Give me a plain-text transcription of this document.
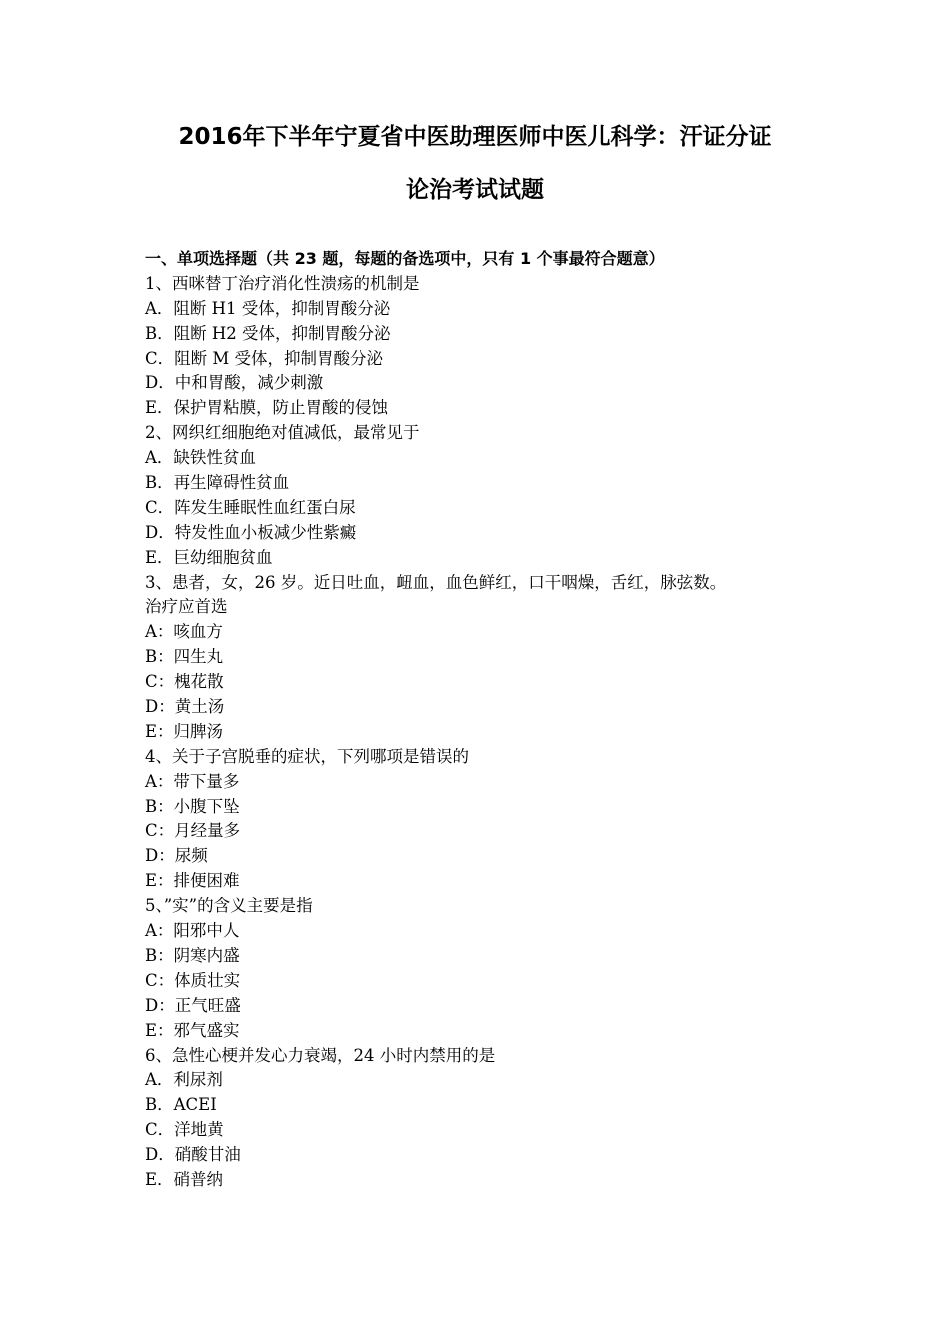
2016年下半年宁夏省中医助理医师中医儿科学：汗证分证
论治考试试题
一、单项选择题（共 23 题，每题的备选项中，只有 1 个事最符合题意）
1、西咪替丁治疗消化性溃疡的机制是
A．阻断 H1 受体，抑制胃酸分泌
B．阻断 H2 受体，抑制胃酸分泌
C．阻断 M 受体，抑制胃酸分泌
D．中和胃酸，减少刺激
E．保护胃粘膜，防止胃酸的侵蚀
2、网织红细胞绝对值减低，最常见于
A．缺铁性贫血
B．再生障碍性贫血
C．阵发生睡眠性血红蛋白尿
D．特发性血小板减少性紫癜
E．巨幼细胞贫血
3、患者，女，26 岁。近日吐血，衄血，血色鲜红，口干咽燥，舌红，脉弦数。
治疗应首选
A：咳血方
B：四生丸
C：槐花散
D：黄土汤
E：归脾汤
4、关于子宫脱垂的症状，下列哪项是错误的
A：带下量多
B：小腹下坠
C：月经量多
D：尿频
E：排便困难
5、”实”的含义主要是指
A：阳邪中人
B：阴寒内盛
C：体质壮实
D：正气旺盛
E：邪气盛实
6、急性心梗并发心力衰竭，24 小时内禁用的是
A．利尿剂
B．ACEI
C．洋地黄
D．硝酸甘油
E．硝普纳
